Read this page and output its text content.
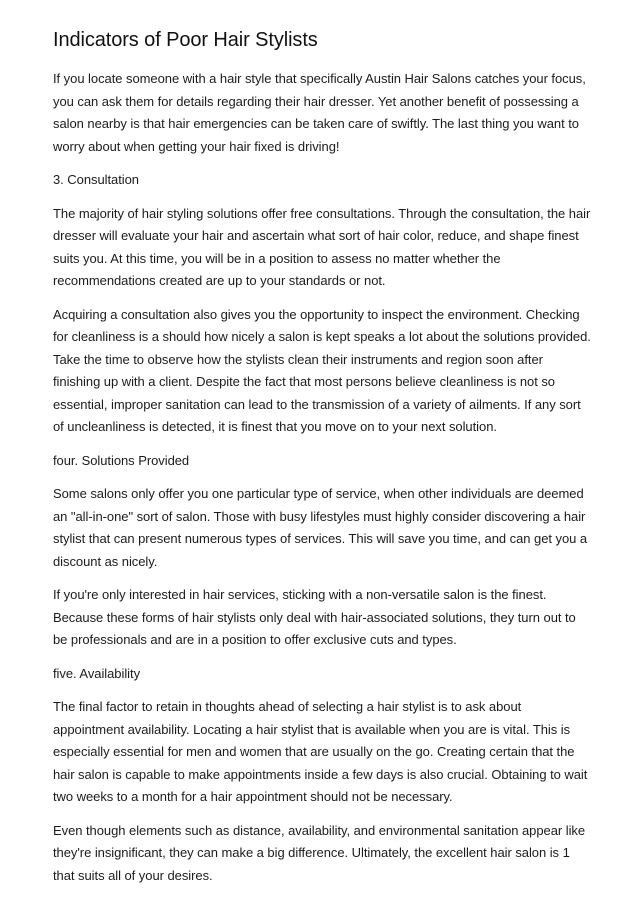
Indicators of Poor Hair Stylists

If you locate someone with a hair style that specifically Austin Hair Salons catches your focus, you can ask them for details regarding their hair dresser. Yet another benefit of possessing a salon nearby is that hair emergencies can be taken care of swiftly. The last thing you want to worry about when getting your hair fixed is driving!

3. Consultation

The majority of hair styling solutions offer free consultations. Through the consultation, the hair dresser will evaluate your hair and ascertain what sort of hair color, reduce, and shape finest suits you. At this time, you will be in a position to assess no matter whether the recommendations created are up to your standards or not.

Acquiring a consultation also gives you the opportunity to inspect the environment. Checking for cleanliness is a should how nicely a salon is kept speaks a lot about the solutions provided. Take the time to observe how the stylists clean their instruments and region soon after finishing up with a client. Despite the fact that most persons believe cleanliness is not so essential, improper sanitation can lead to the transmission of a variety of ailments. If any sort of uncleanliness is detected, it is finest that you move on to your next solution.

four. Solutions Provided

Some salons only offer you one particular type of service, when other individuals are deemed an "all-in-one" sort of salon. Those with busy lifestyles must highly consider discovering a hair stylist that can present numerous types of services. This will save you time, and can get you a discount as nicely.

If you're only interested in hair services, sticking with a non-versatile salon is the finest. Because these forms of hair stylists only deal with hair-associated solutions, they turn out to be professionals and are in a position to offer exclusive cuts and types.

five. Availability

The final factor to retain in thoughts ahead of selecting a hair stylist is to ask about appointment availability. Locating a hair stylist that is available when you are is vital. This is especially essential for men and women that are usually on the go. Creating certain that the hair salon is capable to make appointments inside a few days is also crucial. Obtaining to wait two weeks to a month for a hair appointment should not be necessary.

Even though elements such as distance, availability, and environmental sanitation appear like they're insignificant, they can make a big difference. Ultimately, the excellent hair salon is 1 that suits all of your desires.
